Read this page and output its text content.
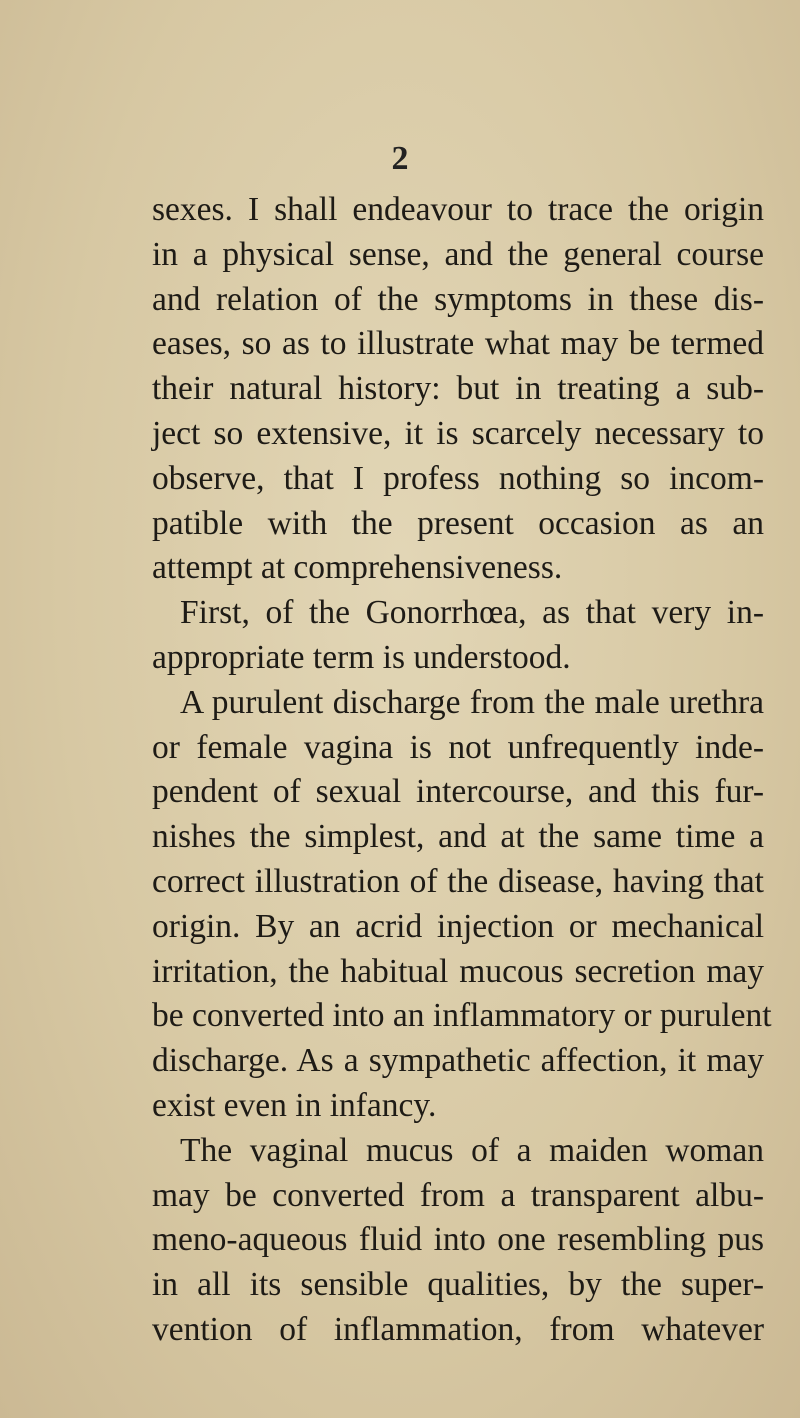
2
sexes. I shall endeavour to trace the origin
in a physical sense, and the general course
and relation of the symptoms in these dis-
eases, so as to illustrate what may be termed
their natural history: but in treating a sub-
ject so extensive, it is scarcely necessary to
observe, that I profess nothing so incom-
patible with the present occasion as an
attempt at comprehensiveness.
First, of the Gonorrhœa, as that very in-
appropriate term is understood.
A purulent discharge from the male urethra
or female vagina is not unfrequently inde-
pendent of sexual intercourse, and this fur-
nishes the simplest, and at the same time a
correct illustration of the disease, having that
origin. By an acrid injection or mechanical
irritation, the habitual mucous secretion may
be converted into an inflammatory or purulent
discharge. As a sympathetic affection, it may
exist even in infancy.
The vaginal mucus of a maiden woman
may be converted from a transparent albu-
meno-aqueous fluid into one resembling pus
in all its sensible qualities, by the super-
vention of inflammation, from whatever
